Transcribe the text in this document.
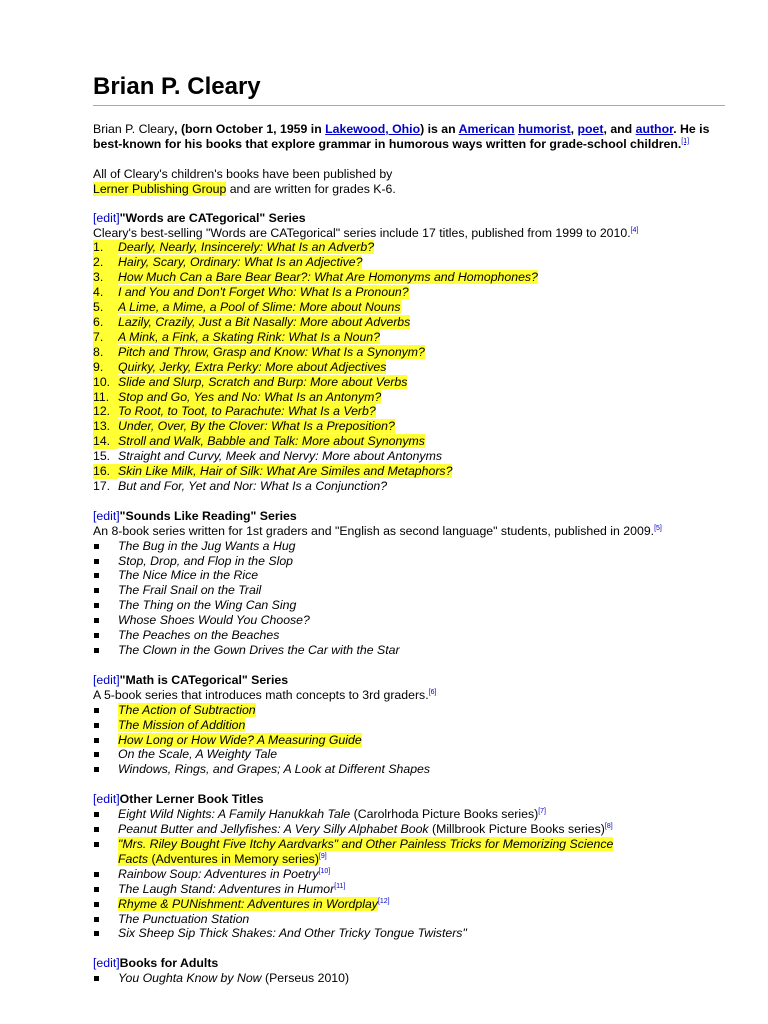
Brian P. Cleary
Brian P. Cleary, (born October 1, 1959 in Lakewood, Ohio) is an American humorist, poet, and author. He is best-known for his books that explore grammar in humorous ways written for grade-school children.[1]
All of Cleary's children's books have been published by
Lerner Publishing Group and are written for grades K-6.
[edit]"Words are CATegorical" Series
Cleary's best-selling "Words are CATegorical" series include 17 titles, published from 1999 to 2010.[4]
1.	Dearly, Nearly, Insincerely: What Is an Adverb?
2.	Hairy, Scary, Ordinary: What Is an Adjective?
3.	How Much Can a Bare Bear Bear?: What Are Homonyms and Homophones?
4.	I and You and Don't Forget Who: What Is a Pronoun?
5.	A Lime, a Mime, a Pool of Slime: More about Nouns
6.	Lazily, Crazily, Just a Bit Nasally: More about Adverbs
7.	A Mink, a Fink, a Skating Rink: What Is a Noun?
8.	Pitch and Throw, Grasp and Know: What Is a Synonym?
9.	Quirky, Jerky, Extra Perky: More about Adjectives
10. Slide and Slurp, Scratch and Burp: More about Verbs
11. Stop and Go, Yes and No: What Is an Antonym?
12. To Root, to Toot, to Parachute: What Is a Verb?
13. Under, Over, By the Clover: What Is a Preposition?
14. Stroll and Walk, Babble and Talk: More about Synonyms
15. Straight and Curvy, Meek and Nervy: More about Antonyms
16. Skin Like Milk, Hair of Silk: What Are Similes and Metaphors?
17. But and For, Yet and Nor: What Is a Conjunction?
[edit]"Sounds Like Reading" Series
An 8-book series written for 1st graders and "English as second language" students, published in 2009.[5]
The Bug in the Jug Wants a Hug
Stop, Drop, and Flop in the Slop
The Nice Mice in the Rice
The Frail Snail on the Trail
The Thing on the Wing Can Sing
Whose Shoes Would You Choose?
The Peaches on the Beaches
The Clown in the Gown Drives the Car with the Star
[edit]"Math is CATegorical" Series
A 5-book series that introduces math concepts to 3rd graders.[6]
The Action of Subtraction
The Mission of Addition
How Long or How Wide? A Measuring Guide
On the Scale, A Weighty Tale
Windows, Rings, and Grapes; A Look at Different Shapes
[edit]Other Lerner Book Titles
Eight Wild Nights: A Family Hanukkah Tale (Carolrhoda Picture Books series)[7]
Peanut Butter and Jellyfishes: A Very Silly Alphabet Book (Millbrook Picture Books series)[8]
"Mrs. Riley Bought Five Itchy Aardvarks" and Other Painless Tricks for Memorizing Science
Facts (Adventures in Memory series)[9]
Rainbow Soup: Adventures in Poetry[10]
The Laugh Stand: Adventures in Humor[11]
Rhyme & PUNishment: Adventures in Wordplay[12]
The Punctuation Station
Six Sheep Sip Thick Shakes: And Other Tricky Tongue Twisters"
[edit]Books for Adults
You Oughta Know by Now (Perseus 2010)
